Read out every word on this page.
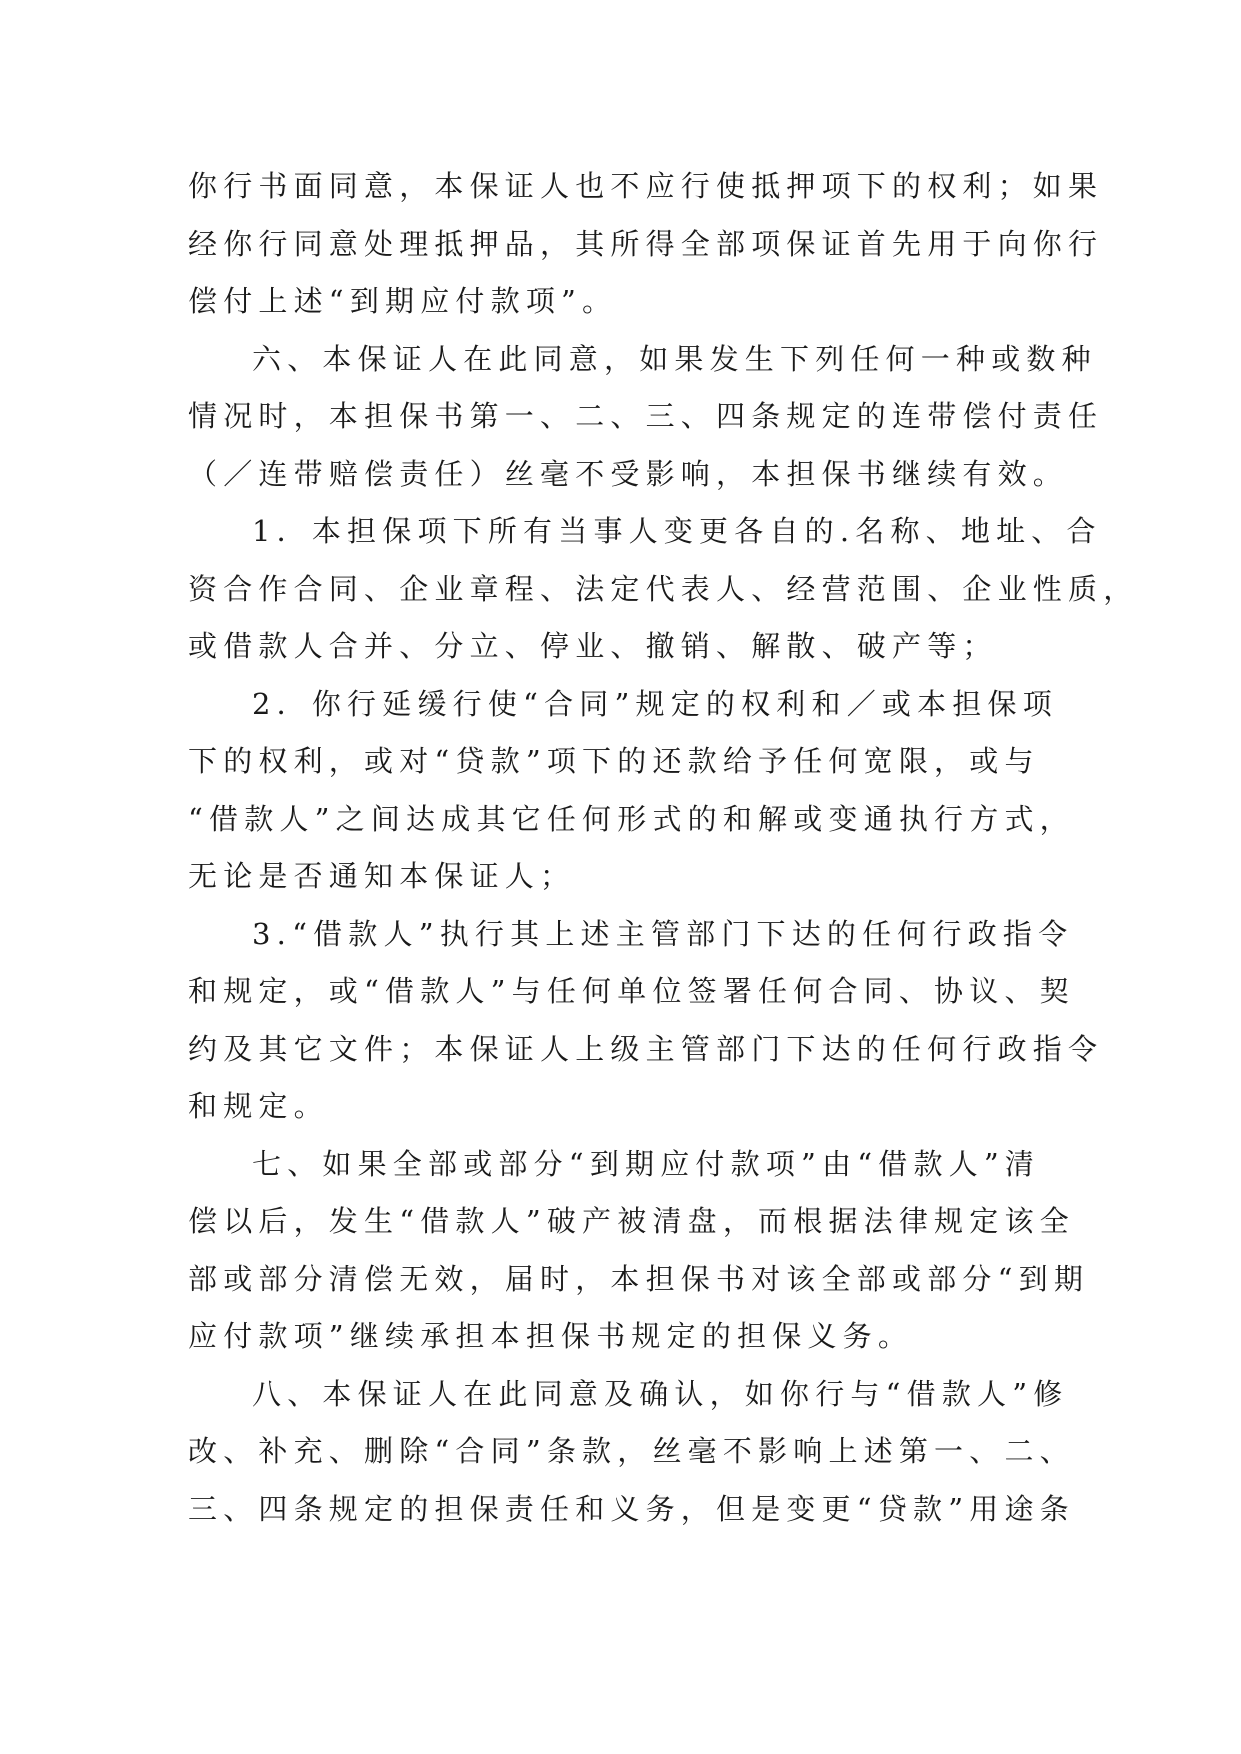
你行书面同意，本保证人也不应行使抵押项下的权利；如果
经你行同意处理抵押品，其所得全部项保证首先用于向你行
偿付上述“到期应付款项”。
六、本保证人在此同意，如果发生下列任何一种或数种
情况时，本担保书第一、二、三、四条规定的连带偿付责任
（／连带赔偿责任）丝毫不受影响，本担保书继续有效。
1．本担保项下所有当事人变更各自的.名称、地址、合
资合作合同、企业章程、法定代表人、经营范围、企业性质，
或借款人合并、分立、停业、撤销、解散、破产等；
2．你行延缓行使“合同”规定的权利和／或本担保项
下的权利，或对“贷款”项下的还款给予任何宽限，或与
“借款人”之间达成其它任何形式的和解或变通执行方式，
无论是否通知本保证人；
3.“借款人”执行其上述主管部门下达的任何行政指令
和规定，或“借款人”与任何单位签署任何合同、协议、契
约及其它文件；本保证人上级主管部门下达的任何行政指令
和规定。
七、如果全部或部分“到期应付款项”由“借款人”清
偿以后，发生“借款人”破产被清盘，而根据法律规定该全
部或部分清偿无效，届时，本担保书对该全部或部分“到期
应付款项”继续承担本担保书规定的担保义务。
八、本保证人在此同意及确认，如你行与“借款人”修
改、补充、删除“合同”条款，丝毫不影响上述第一、二、
三、四条规定的担保责任和义务，但是变更“贷款”用途条
